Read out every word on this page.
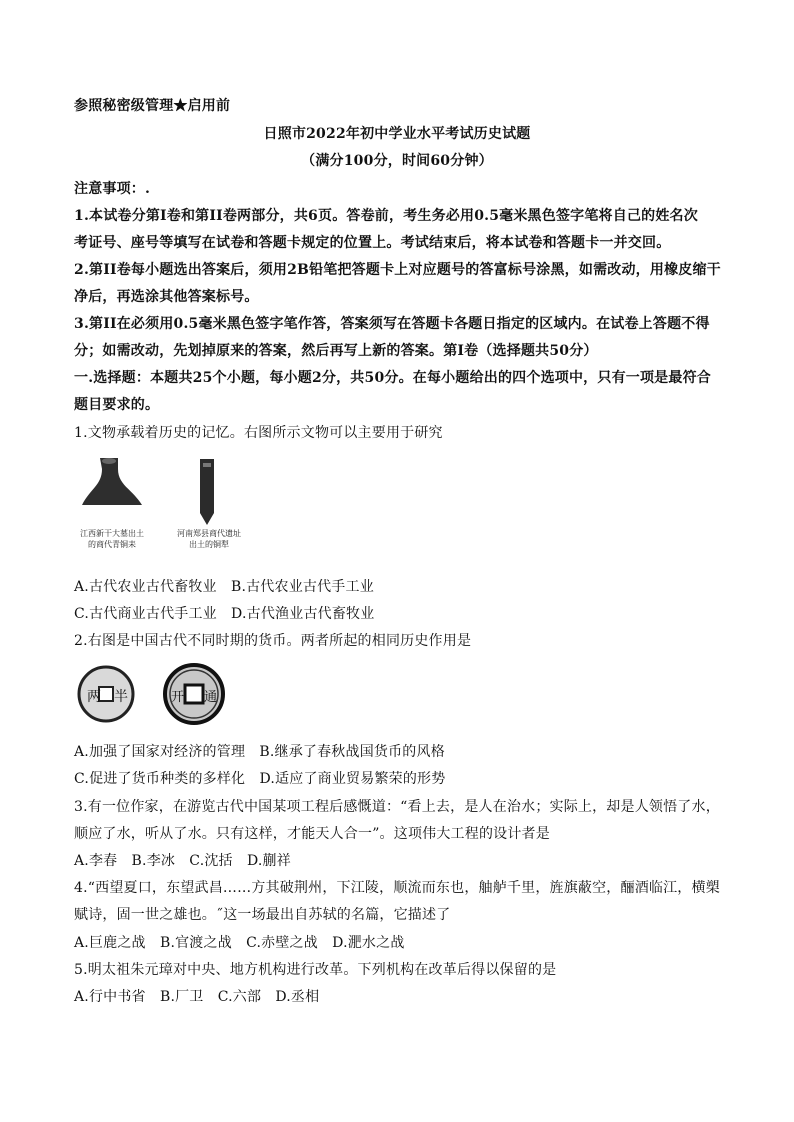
参照秘密级管理★启用前
日照市2022年初中学业水平考试历史试题
（满分100分，时间60分钟）
注意事项：.
1.本试卷分第I卷和第II卷两部分，共6页。答卷前，考生务必用0.5毫米黑色签字笔将自己的姓名次
考证号、座号等填写在试卷和答题卡规定的位置上。考试结束后，将本试卷和答题卡一并交回。
2.第II卷每小题选出答案后，须用2B铅笔把答题卡上对应题号的答富标号涂黑，如需改动，用橡皮缩干
净后，再选涂其他答案标号。
3.第II在必须用0.5毫米黑色签字笔作答，答案须写在答题卡各题日指定的区域内。在试卷上答题不得
分；如需改动，先划掉原来的答案，然后再写上新的答案。第I卷（选择题共50分）
一.选择题：本题共25个小题，每小题2分，共50分。在每小题给出的四个选项中，只有一项是最符合
题目要求的。
1.文物承载着历史的记忆。右图所示文物可以主要用于研究
江西新干大墓出土
的商代青铜耒
河南郑县商代遗址
出土的铜犁
A.古代农业古代畜牧业　B.古代农业古代手工业
C.古代商业古代手工业　D.古代渔业古代畜牧业
2.右图是中国古代不同时期的货币。两者所起的相同历史作用是
两 半	开 通
A.加强了国家对经济的管理　B.继承了春秋战国货币的风格
C.促进了货币种类的多样化　D.适应了商业贸易繁荣的形势
3.有一位作家，在游览古代中国某项工程后感慨道：“看上去，是人在治水；实际上，却是人领悟了水，
顺应了水，听从了水。只有这样，才能天人合一”。这项伟大工程的设计者是
A.李春　B.李冰　C.沈括　D.蒯祥
4.“西望夏口，东望武昌……方其破荆州，下江陵，顺流而东也，舳舻千里，旌旗蔽空，酾酒临江，横槊
赋诗，固一世之雄也。˝这一场最出自苏轼的名篇，它描述了
A.巨鹿之战　B.官渡之战　C.赤壁之战　D.淝水之战
5.明太祖朱元璋对中央、地方机构进行改革。下列机构在改革后得以保留的是
A.行中书省　B.厂卫　C.六部　D.丞相
